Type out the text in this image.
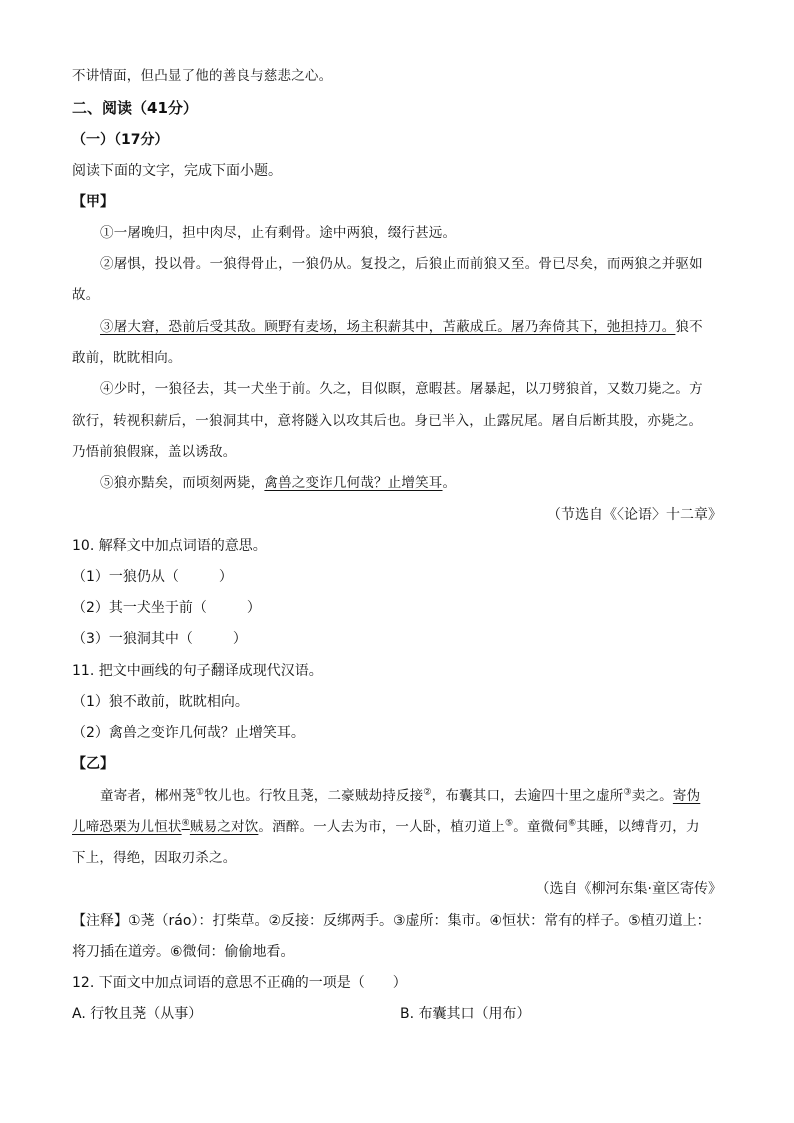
不讲情面，但凸显了他的善良与慈悲之心。
二、阅读（41分）
（一）（17分）
阅读下面的文字，完成下面小题。
【甲】
①一屠晚归，担中肉尽，止有剩骨。途中两狼，缀行甚远。
②屠惧，投以骨。一狼得骨止，一狼仍从。复投之，后狼止而前狼又至。骨已尽矣，而两狼之并驱如
故。
③屠大窘，恐前后受其敌。顾野有麦场，场主积薪其中，苫蔽成丘。屠乃奔倚其下，弛担持刀。狼不
敢前，眈眈相向。
④少时，一狼径去，其一犬坐于前。久之，目似瞑，意暇甚。屠暴起，以刀劈狼首，又数刀毙之。方
欲行，转视积薪后，一狼洞其中，意将隧入以攻其后也。身已半入，止露尻尾。屠自后断其股，亦毙之。
乃悟前狼假寐，盖以诱敌。
⑤狼亦黠矣，而顷刻两毙，禽兽之变诈几何哉？止增笑耳。
（节选自《〈论语〉十二章》
10. 解释文中加点词语的意思。
（1）一狼仍从（	）
（2）其一犬坐于前（	）
（3）一狼洞其中（	）
11. 把文中画线的句子翻译成现代汉语。
（1）狼不敢前，眈眈相向。
（2）禽兽之变诈几何哉？止增笑耳。
【乙】
童寄者，郴州荛①牧儿也。行牧且荛，二豪贼劫持反接②，布囊其口，去逾四十里之虚所③卖之。寄伪
儿啼恐栗为儿恒状④贼易之对饮。酒醉。一人去为市，一人卧，植刃道上⑤。童微伺⑥其睡，以缚背刃，力
下上，得绝，因取刃杀之。
（选自《柳河东集·童区寄传》
【注释】①荛（ráo）：打柴草。②反接：反绑两手。③虚所：集市。④恒状：常有的样子。⑤植刃道上：
将刀插在道旁。⑥微伺：偷偷地看。
12. 下面文中加点词语的意思不正确的一项是（　　）
A. 行牧且荛（从事）	B. 布囊其口（用布）
